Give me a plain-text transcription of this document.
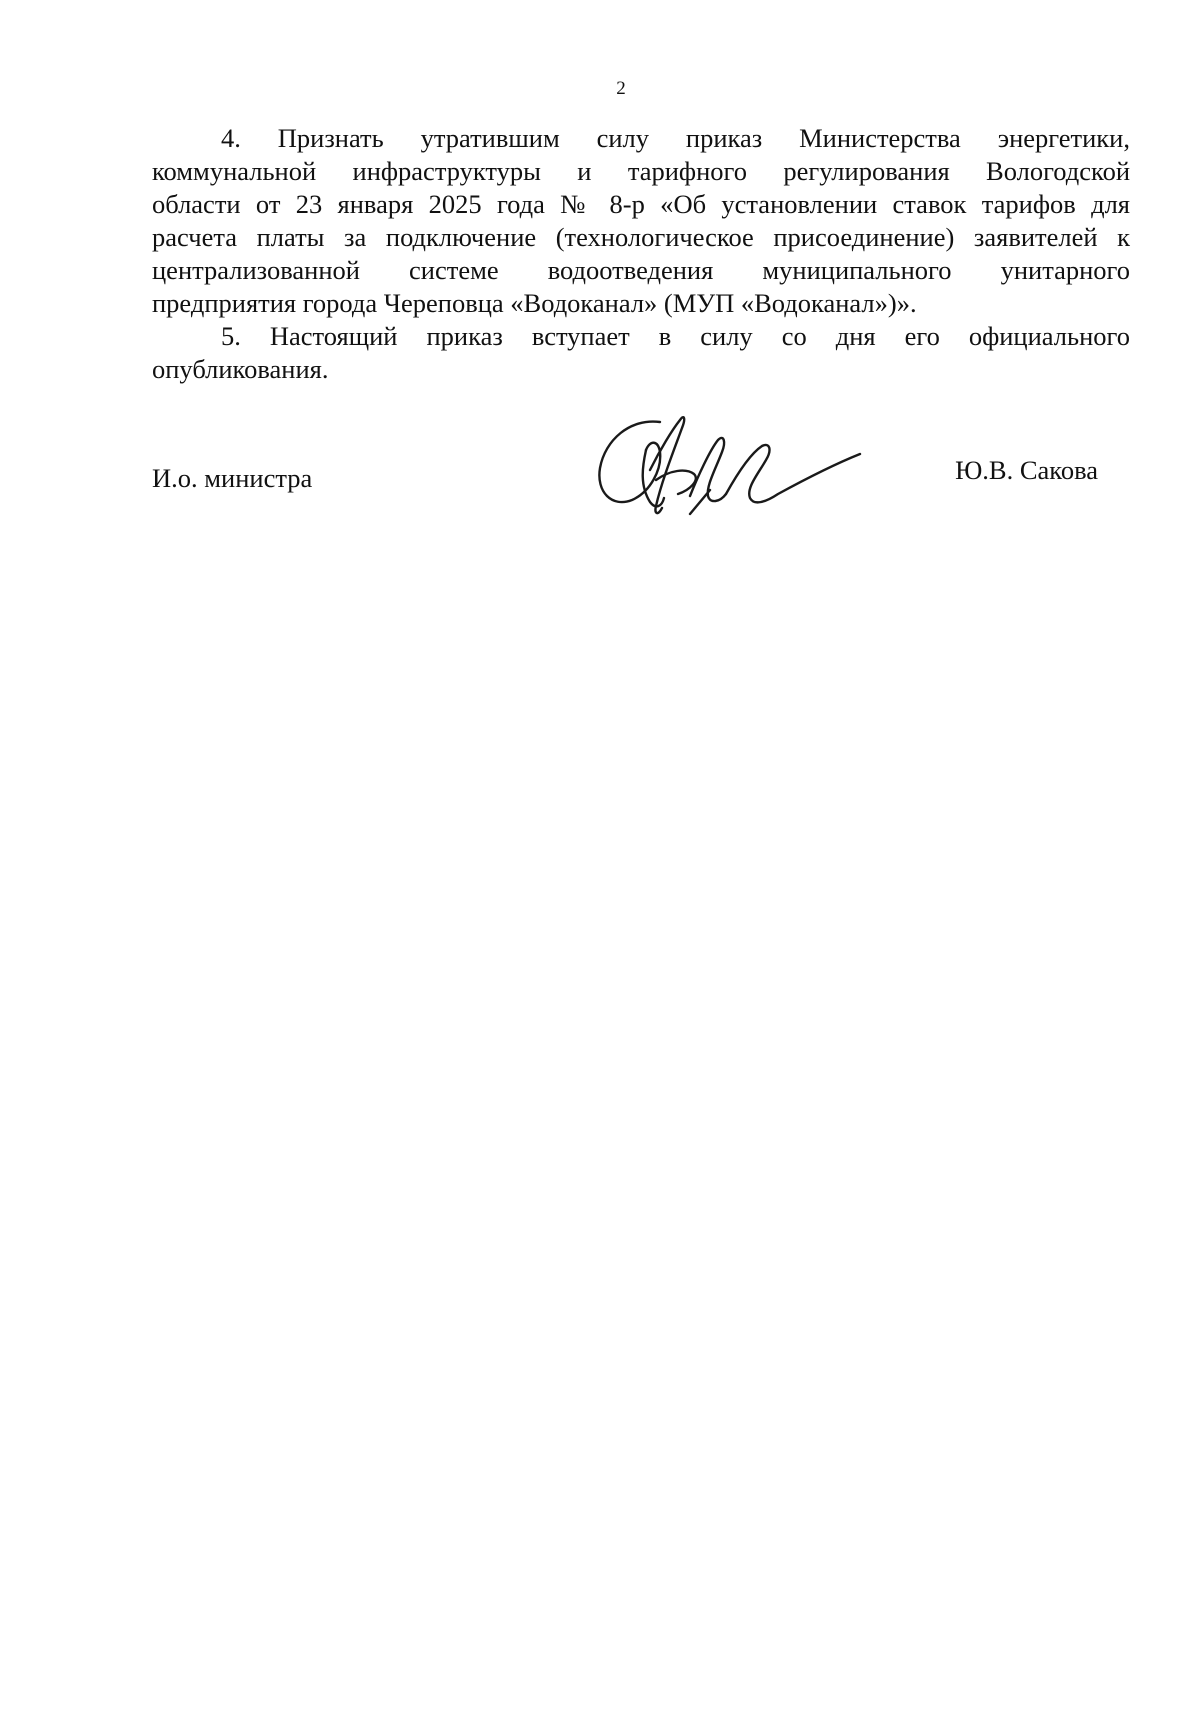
2

4. Признать утратившим силу приказ Министерства энергетики,
коммунальной инфраструктуры и тарифного регулирования Вологодской
области от 23 января 2025 года № 8-р «Об установлении ставок тарифов для
расчета платы за подключение (технологическое присоединение) заявителей к
централизованной системе водоотведения муниципального унитарного
предприятия города Череповца «Водоканал» (МУП «Водоканал»)».

5. Настоящий приказ вступает в силу со дня его официального
опубликования.

И.о. министра	Ю.В. Сакова
